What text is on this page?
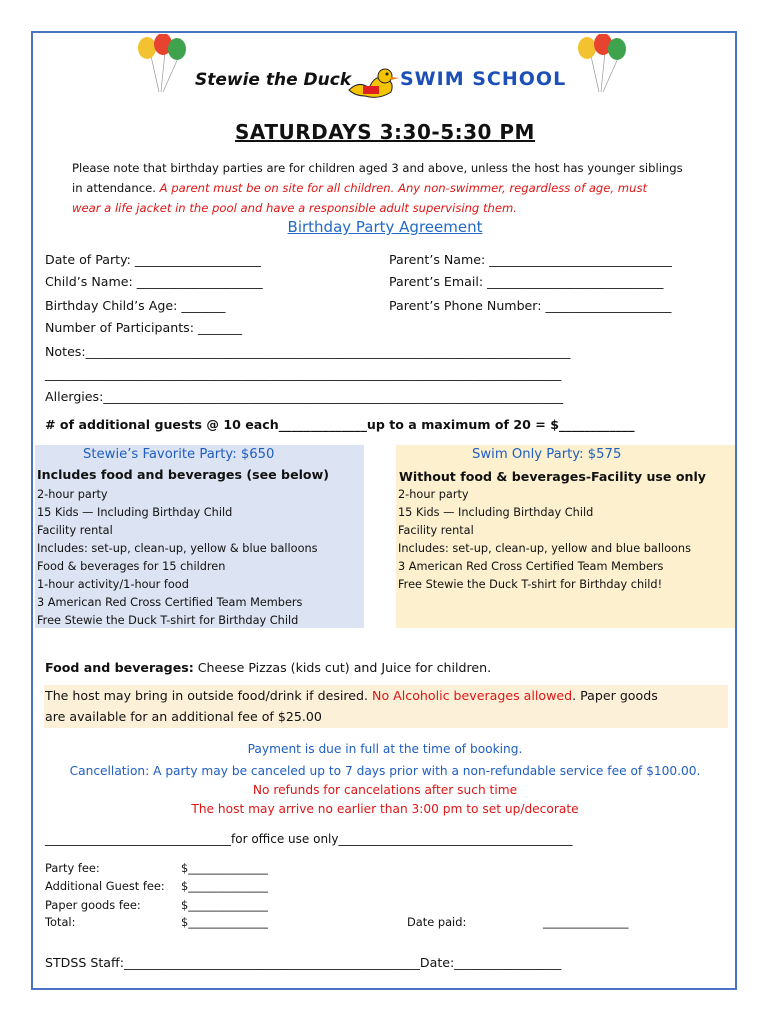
Stewie the Duck	SWIM SCHOOL
SATURDAYS 3:30-5:30 PM
Please note that birthday parties are for children aged 3 and above, unless the host has younger siblings
in attendance. A parent must be on site for all children. Any non-swimmer, regardless of age, must
wear a life jacket in the pool and have a responsible adult supervising them.
Birthday Party Agreement
Date of Party: ____________________
Child’s Name: ____________________
Birthday Child’s Age: _______
Number of Participants: _______
Parent’s Name: _____________________________
Parent’s Email: ____________________________
Parent’s Phone Number: ____________________
Notes:_____________________________________________________________________________
__________________________________________________________________________________
Allergies:_________________________________________________________________________
# of additional guests @ 10 each______________up to a maximum of 20 = $____________
Stewie’s Favorite Party: $650
Includes food and beverages (see below)
2-hour party
15 Kids — Including Birthday Child
Facility rental
Includes: set-up, clean-up, yellow & blue balloons
Food & beverages for 15 children
1-hour activity/1-hour food
3 American Red Cross Certified Team Members
Free Stewie the Duck T-shirt for Birthday Child
Swim Only Party: $575
Without food & beverages-Facility use only
2-hour party
15 Kids — Including Birthday Child
Facility rental
Includes: set-up, clean-up, yellow and blue balloons
3 American Red Cross Certified Team Members
Free Stewie the Duck T-shirt for Birthday child!
Food and beverages: Cheese Pizzas (kids cut) and Juice for children.
The host may bring in outside food/drink if desired. No Alcoholic beverages allowed. Paper goods
are available for an additional fee of $25.00
Payment is due in full at the time of booking.
Cancellation: A party may be canceled up to 7 days prior with a non-refundable service fee of $100.00.
No refunds for cancelations after such time
The host may arrive no earlier than 3:00 pm to set up/decorate
_______________________________for office use only_______________________________________
Party fee:	$______________
Additional Guest fee: $______________
Paper goods fee:	$______________
Total:	$______________	Date paid:	_______________
STDSS Staff:_______________________________________________Date:_________________
